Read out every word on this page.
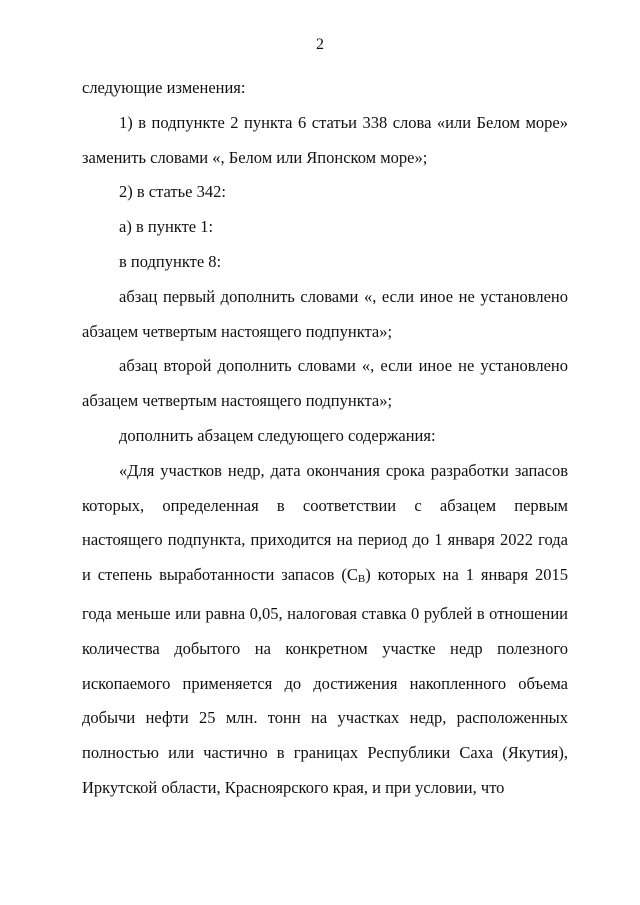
2

следующие изменения:

1) в подпункте 2 пункта 6 статьи 338 слова «или Белом море» заменить словами «, Белом или Японском море»;

2) в статье 342:

а) в пункте 1:

в подпункте 8:

абзац первый дополнить словами «, если иное не установлено абзацем четвертым настоящего подпункта»;

абзац второй дополнить словами «, если иное не установлено абзацем четвертым настоящего подпункта»;

дополнить абзацем следующего содержания:

«Для участков недр, дата окончания срока разработки запасов которых, определенная в соответствии с абзацем первым настоящего подпункта, приходится на период до 1 января 2022 года и степень выработанности запасов (СВ) которых на 1 января 2015 года меньше или равна 0,05, налоговая ставка 0 рублей в отношении количества добытого на конкретном участке недр полезного ископаемого применяется до достижения накопленного объема добычи нефти 25 млн. тонн на участках недр, расположенных полностью или частично в границах Республики Саха (Якутия), Иркутской области, Красноярского края, и при условии, что
